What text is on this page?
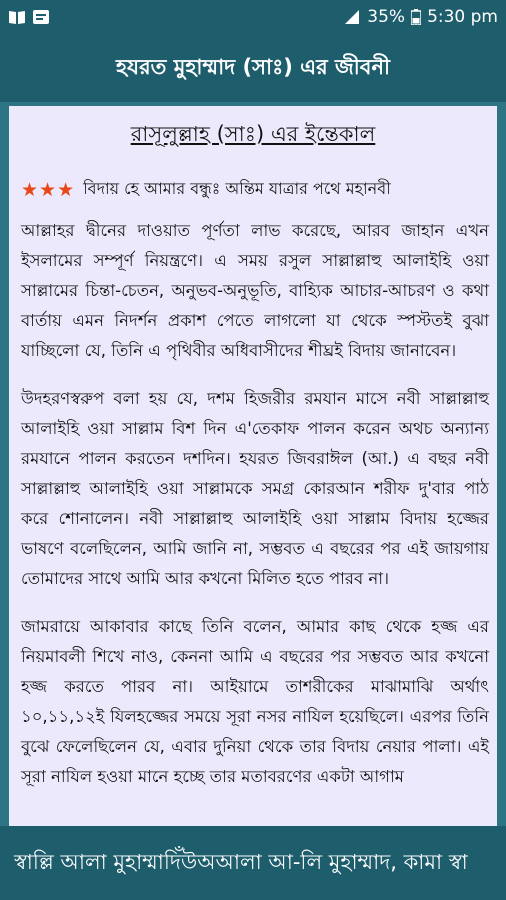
35% 5:30 pm
হযরত মুহাম্মাদ (সাঃ) এর জীবনী
রাসূলুল্লাহ (সাঃ) এর ইন্তেকাল
★★★ বিদায় হে আমার বন্ধুঃ অন্তিম যাত্রার পথে মহানবী

আল্লাহর দ্বীনের দাওয়াত পূর্ণতা লাভ করেছে, আরব জাহান এখন ইসলামের সম্পূর্ণ নিয়ন্ত্রণে। এ সময় রসুল সাল্লাল্লাহু আলাইহি ওয়া সাল্লামের চিন্তা-চেতন, অনুভব-অনুভূতি, বাহ্যিক আচার-আচরণ ও কথা বার্তায় এমন নিদর্শন প্রকাশ পেতে লাগলো যা থেকে স্পস্টতই বুঝা যাচ্ছিলো যে, তিনি এ পৃথিবীর অধিবাসীদের শীঘ্রই বিদায় জানাবেন।

উদহরণস্বরুপ বলা হয় যে, দশম হিজরীর রমযান মাসে নবী সাল্লাল্লাহু আলাইহি ওয়া সাল্লাম বিশ দিন এ'তেকাফ পালন করেন অথচ অন্যান্য রমযানে পালন করতেন দশদিন। হযরত জিবরাঈল (আ.) এ বছর নবী সাল্লাল্লাহু আলাইহি ওয়া সাল্লামকে সমগ্র কোরআন শরীফ দু'বার পাঠ করে শোনালেন। নবী সাল্লাল্লাহু আলাইহি ওয়া সাল্লাম বিদায় হজ্জের ভাষণে বলেছিলেন, আমি জানি না, সম্ভবত এ বছরের পর এই জায়গায় তোমাদের সাথে আমি আর কখনো মিলিত হতে পারব না।

জামরায়ে আকাবার কাছে তিনি বলেন, আমার কাছ থেকে হজ্জ এর নিয়মাবলী শিখে নাও, কেননা আমি এ বছরের পর সম্ভবত আর কখনো হজ্জ করতে পারব না। আইয়ামে তাশরীকের মাঝামাঝি অর্থাৎ ১০,১১,১২ই যিলহজ্জের সময়ে সূরা নসর নাযিল হয়েছিলে। এরপর তিনি বুঝে ফেলেছিলেন যে, এবার দুনিয়া থেকে তার বিদায় নেয়ার পালা। এই সূরা নাযিল হওয়া মানে হচ্ছে তার মতাবরণের একটা আগাম

স্বাল্লি আলা মুহাম্মাদিঁউঅআলা আ-লি মুহাম্মাদ, কামা স্বা
